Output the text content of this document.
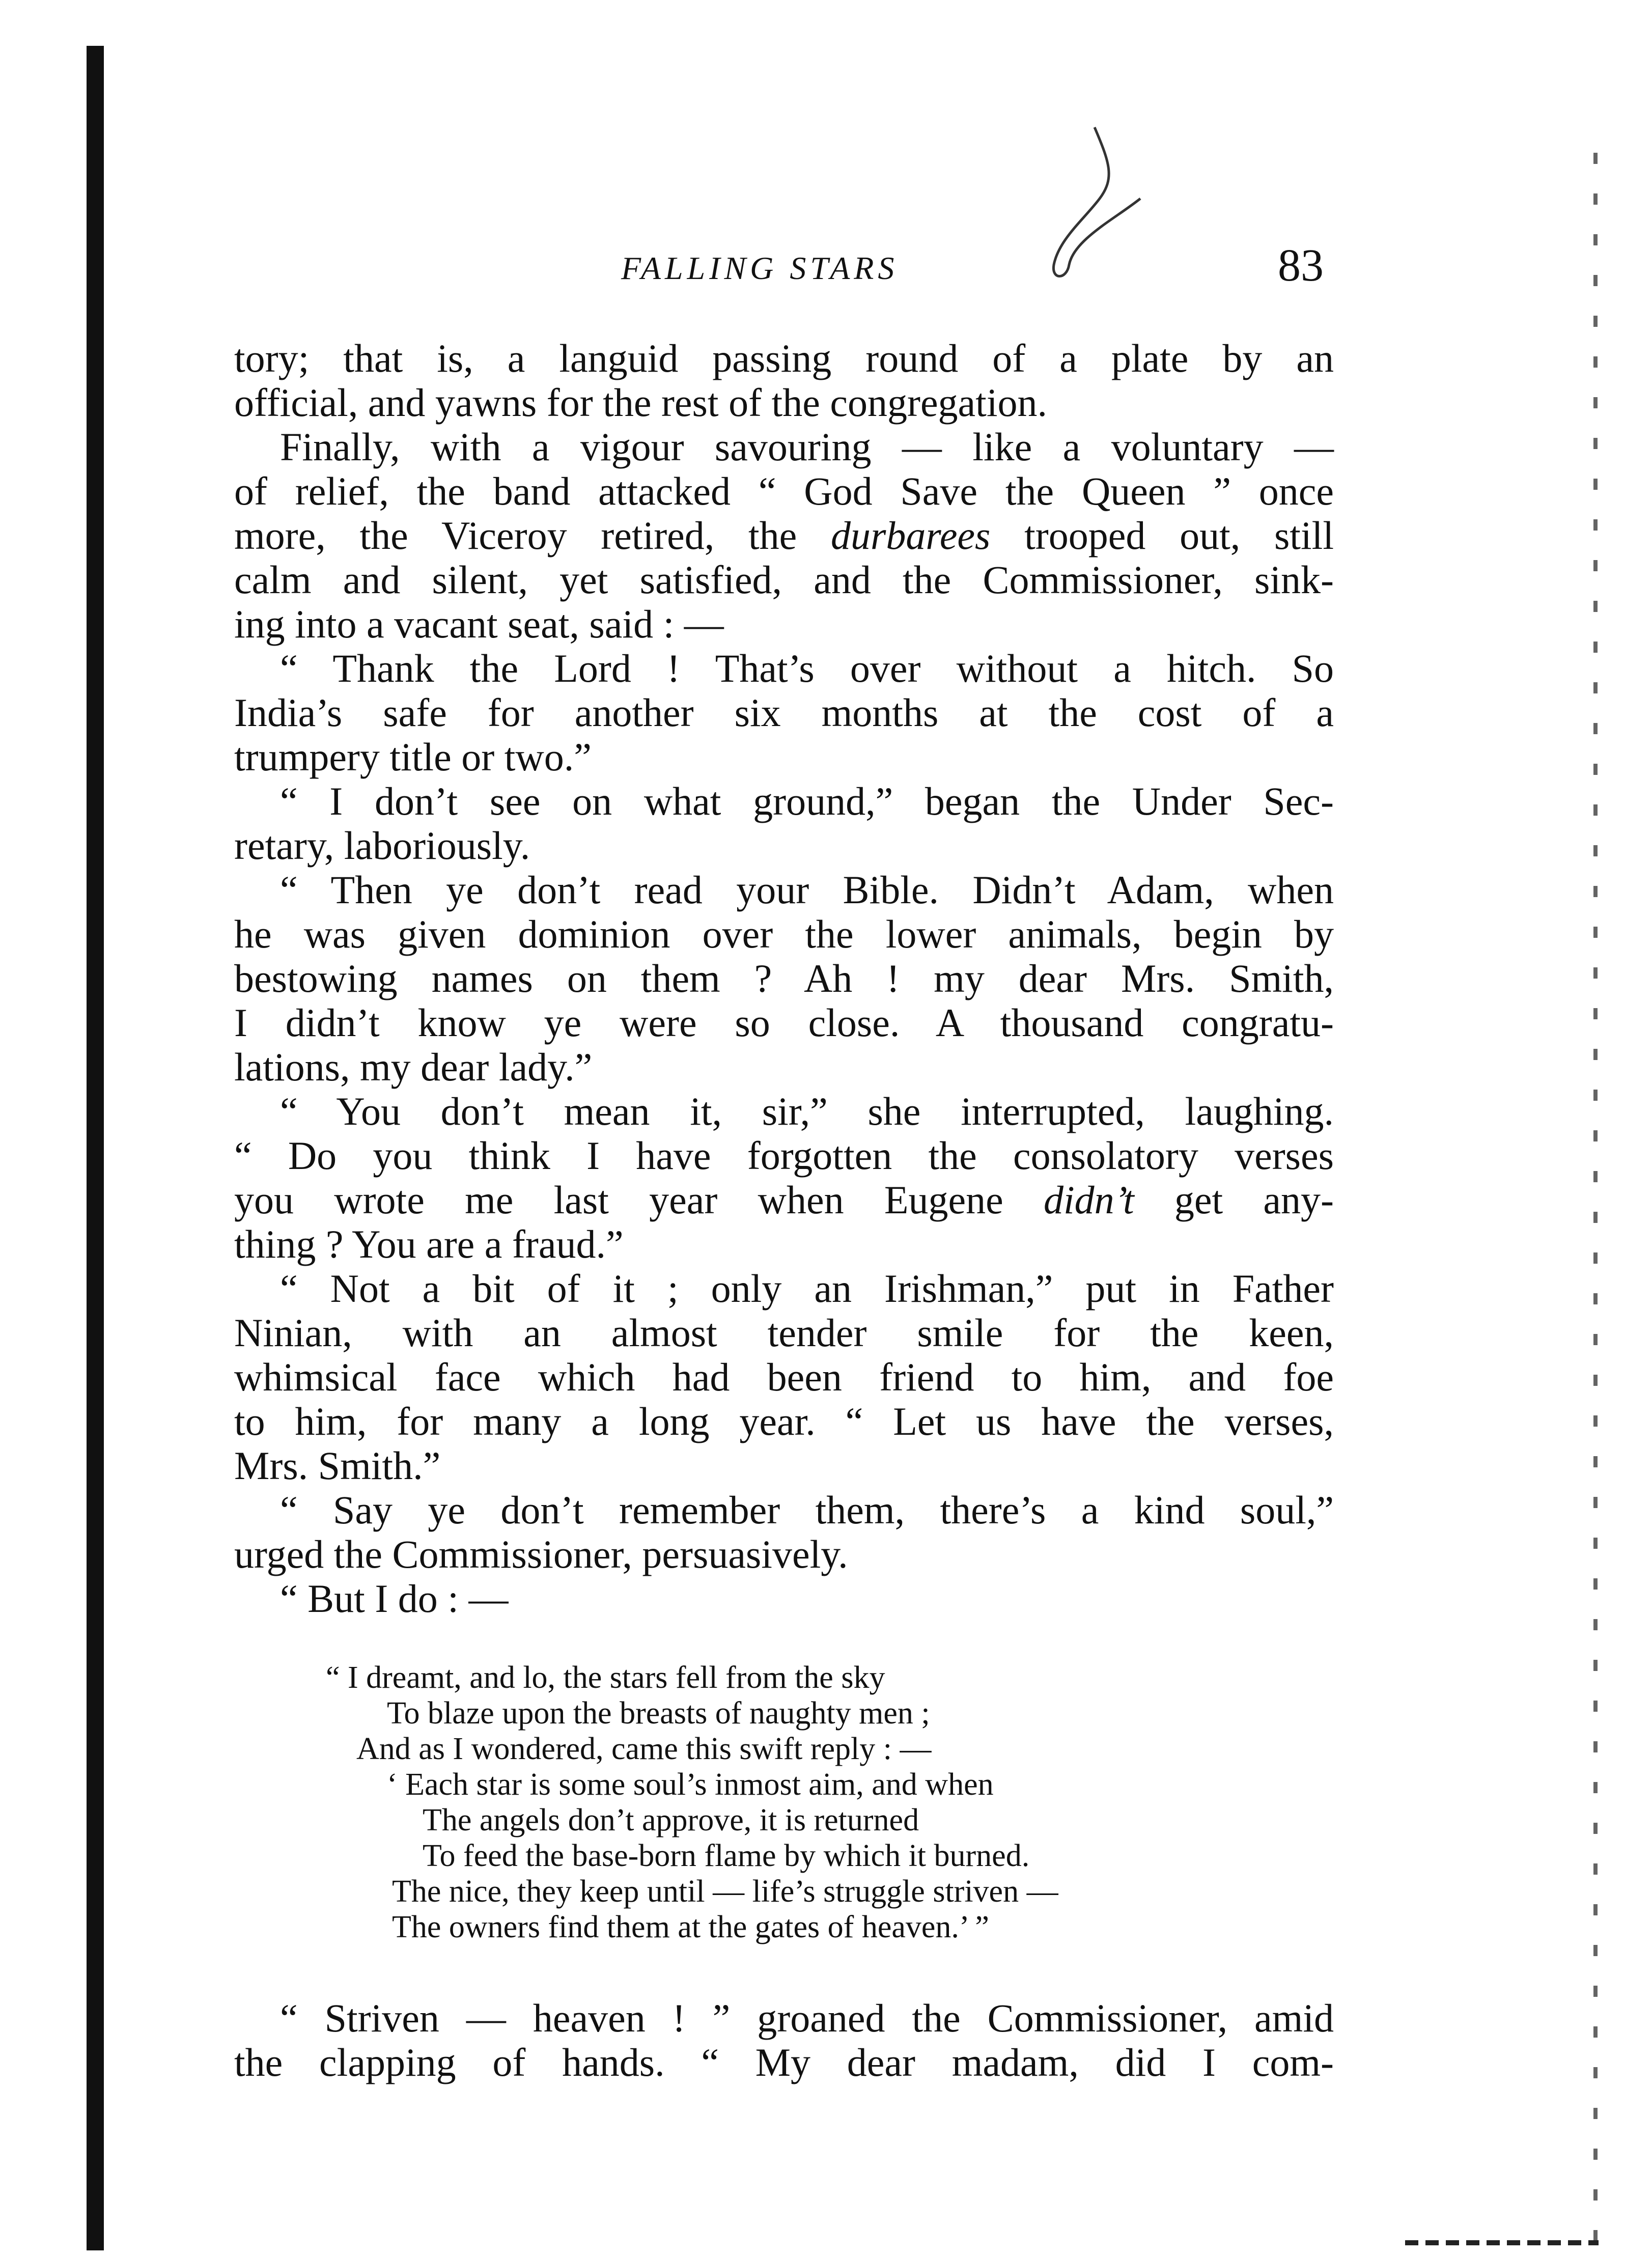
FALLING STARS	83
tory; that is, a languid passing round of a plate by an
official, and yawns for the rest of the congregation.
Finally, with a vigour savouring — like a voluntary —
of relief, the band attacked “ God Save the Queen ” once
more, the Viceroy retired, the durbarees trooped out, still
calm and silent, yet satisfied, and the Commissioner, sink-
ing into a vacant seat, said : —
“ Thank the Lord ! That’s over without a hitch. So
India’s safe for another six months at the cost of a
trumpery title or two.”
“ I don’t see on what ground,” began the Under Sec-
retary, laboriously.
“ Then ye don’t read your Bible. Didn’t Adam, when
he was given dominion over the lower animals, begin by
bestowing names on them ? Ah ! my dear Mrs. Smith,
I didn’t know ye were so close. A thousand congratu-
lations, my dear lady.”
“ You don’t mean it, sir,” she interrupted, laughing.
“ Do you think I have forgotten the consolatory verses
you wrote me last year when Eugene didn’t get any-
thing ? You are a fraud.”
“ Not a bit of it ; only an Irishman,” put in Father
Ninian, with an almost tender smile for the keen,
whimsical face which had been friend to him, and foe
to him, for many a long year. “ Let us have the verses,
Mrs. Smith.”
“ Say ye don’t remember them, there’s a kind soul,”
urged the Commissioner, persuasively.
“ But I do : —
“ I dreamt, and lo, the stars fell from the sky
To blaze upon the breasts of naughty men ;
And as I wondered, came this swift reply : —
‘ Each star is some soul’s inmost aim, and when
The angels don’t approve, it is returned
To feed the base-born flame by which it burned.
The nice, they keep until — life’s struggle striven —
The owners find them at the gates of heaven.’ ”
“ Striven — heaven ! ” groaned the Commissioner, amid
the clapping of hands. “ My dear madam, did I com-
